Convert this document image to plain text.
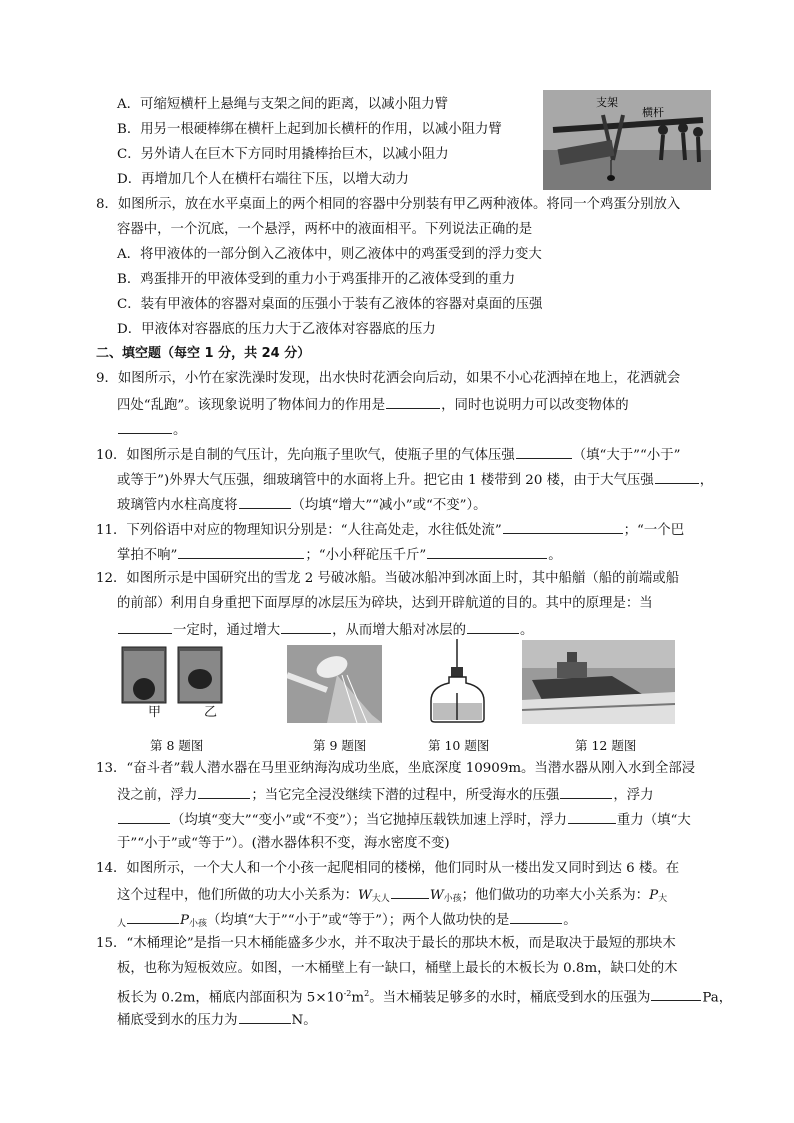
A．可缩短横杆上悬绳与支架之间的距离，以减小阻力臂
B．用另一根硬棒绑在横杆上起到加长横杆的作用，以减小阻力臂
C．另外请人在巨木下方同时用撬棒抬巨木，以减小阻力
D．再增加几个人在横杆右端往下压，以增大动力
支架
横杆
8．如图所示，放在水平桌面上的两个相同的容器中分别装有甲乙两种液体。将同一个鸡蛋分别放入
容器中，一个沉底，一个悬浮，两杯中的液面相平。下列说法正确的是
A．将甲液体的一部分倒入乙液体中，则乙液体中的鸡蛋受到的浮力变大
B．鸡蛋排开的甲液体受到的重力小于鸡蛋排开的乙液体受到的重力
C．装有甲液体的容器对桌面的压强小于装有乙液体的容器对桌面的压强
D．甲液体对容器底的压力大于乙液体对容器底的压力
二、填空题（每空 1 分，共 24 分）
9．如图所示，小竹在家洗澡时发现，出水快时花洒会向后动，如果不小心花洒掉在地上，花洒就会
四处“乱跑”。该现象说明了物体间力的作用是	，同时也说明力可以改变物体的
。
10．如图所示是自制的气压计，先向瓶子里吹气，使瓶子里的气体压强	（填“大于”“小于”
或等于”)外界大气压强，细玻璃管中的水面将上升。把它由 1 楼带到 20 楼，由于大气压强	，
玻璃管内水柱高度将	（均填“增大”“减小”或“不变”）。
11．下列俗语中对应的物理知识分别是：“人往高处走，水往低处流”	；“一个巴
掌拍不响”	；“小小秤砣压千斤”	。
12．如图所示是中国研究出的雪龙 2 号破冰船。当破冰船冲到冰面上时，其中船艏（船的前端或船
的前部）利用自身重把下面厚厚的冰层压为碎块，达到开辟航道的目的。其中的原理是：当
一定时，通过增大	，从而增大船对冰层的	。
甲	乙
第 8 题图	第 9 题图	第 10 题图	第 12 题图
13．“奋斗者”载人潜水器在马里亚纳海沟成功坐底，坐底深度 10909m。当潜水器从刚入水到全部浸
没之前，浮力	；当它完全浸没继续下潜的过程中，所受海水的压强	，浮力
（均填“变大”“变小”或“不变”）；当它抛掉压载铁加速上浮时，浮力	重力（填“大
于”“小于”或“等于”）。(潜水器体积不变，海水密度不变)
14．如图所示，一个大人和一个小孩一起爬相同的楼梯，他们同时从一楼出发又同时到达 6 楼。在
这个过程中，他们所做的功大小关系为：$W_{大人}$	$W_{小孩}$；他们做功的功率大小关系为：$P_大$
$_人$	$P_{小孩}$（均填“大于”“小于”或“等于”）；两个人做功快的是	。
15．“木桶理论”是指一只木桶能盛多少水，并不取决于最长的那块木板，而是取决于最短的那块木
板，也称为短板效应。如图，一木桶壁上有一缺口，桶壁上最长的木板长为 0.8m，缺口处的木
板长为 0.2m，桶底内部面积为 $5\times 10^{-2}m^2$。当木桶装足够多的水时，桶底受到水的压强为	Pa，
桶底受到水的压力为	N。
